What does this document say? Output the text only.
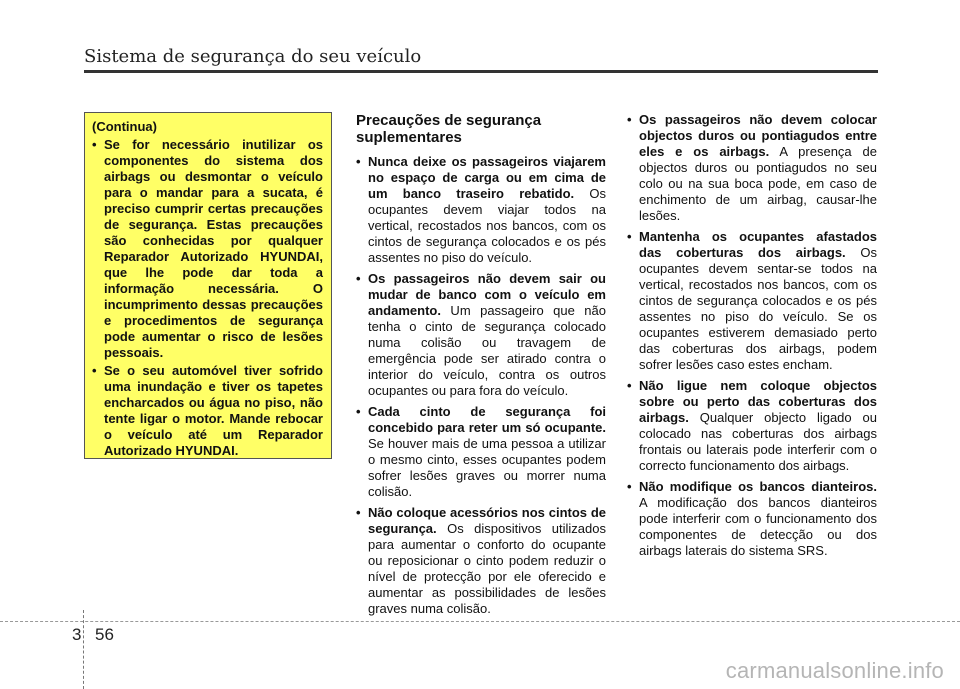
Sistema de segurança do seu veículo
(Continua)
• Se for necessário inutilizar os componentes do sistema dos airbags ou desmontar o veículo para o mandar para a sucata, é preciso cumprir certas precauções de segurança. Estas precauções são conhecidas por qualquer Reparador Autorizado HYUNDAI, que lhe pode dar toda a informação necessária. O incumprimento dessas precauções e procedimentos de segurança pode aumentar o risco de lesões pessoais.
• Se o seu automóvel tiver sofrido uma inundação e tiver os tapetes encharcados ou água no piso, não tente ligar o motor. Mande rebocar o veículo até um Reparador Autorizado HYUNDAI.
Precauções de segurança suplementares
• Nunca deixe os passageiros viajarem no espaço de carga ou em cima de um banco traseiro rebatido. Os ocupantes devem viajar todos na vertical, recostados nos bancos, com os cintos de segurança colocados e os pés assentes no piso do veículo.
• Os passageiros não devem sair ou mudar de banco com o veículo em andamento. Um passageiro que não tenha o cinto de segurança colocado numa colisão ou travagem de emergência pode ser atirado contra o interior do veículo, contra os outros ocupantes ou para fora do veículo.
• Cada cinto de segurança foi concebido para reter um só ocupante. Se houver mais de uma pessoa a utilizar o mesmo cinto, esses ocupantes podem sofrer lesões graves ou morrer numa colisão.
• Não coloque acessórios nos cintos de segurança. Os dispositivos utilizados para aumentar o conforto do ocupante ou reposicionar o cinto podem reduzir o nível de protecção por ele oferecido e aumentar as possibilidades de lesões graves numa colisão.
• Os passageiros não devem colocar objectos duros ou pontiagudos entre eles e os airbags. A presença de objectos duros ou pontiagudos no seu colo ou na sua boca pode, em caso de enchimento de um airbag, causar-lhe lesões.
• Mantenha os ocupantes afastados das coberturas dos airbags. Os ocupantes devem sentar-se todos na vertical, recostados nos bancos, com os cintos de segurança colocados e os pés assentes no piso do veículo. Se os ocupantes estiverem demasiado perto das coberturas dos airbags, podem sofrer lesões caso estes encham.
• Não ligue nem coloque objectos sobre ou perto das coberturas dos airbags. Qualquer objecto ligado ou colocado nas coberturas dos airbags frontais ou laterais pode interferir com o correcto funcionamento dos airbags.
• Não modifique os bancos dianteiros. A modificação dos bancos dianteiros pode interferir com o funcionamento dos componentes de detecção ou dos airbags laterais do sistema SRS.
3 56
carmanualsonline.info
